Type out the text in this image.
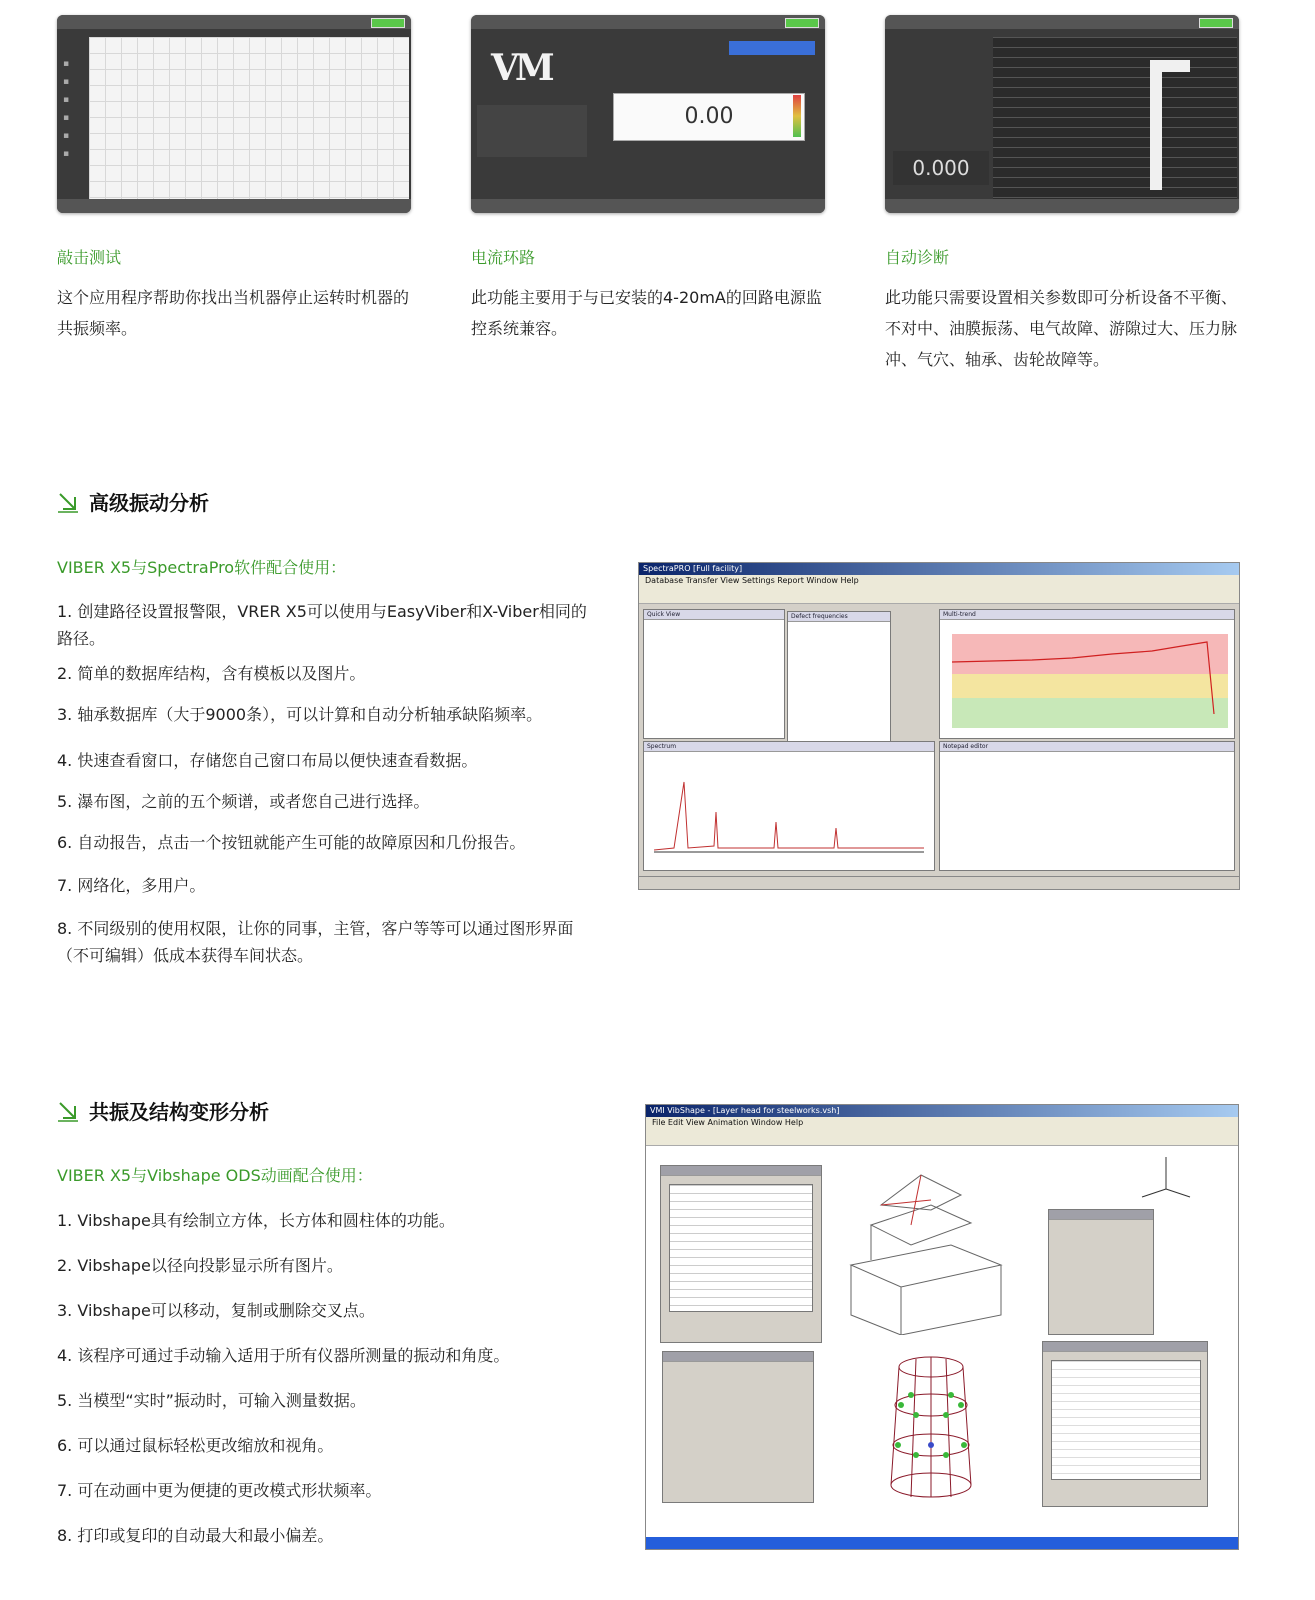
▪
▪
▪
▪
▪
▪
敲击测试
这个应用程序帮助你找出当机器停止运转时机器的共振频率。
VM
0.00
电流环路
此功能主要用于与已安装的4-20mA的回路电源监控系统兼容。
0.000
自动诊断
此功能只需要设置相关参数即可分析设备不平衡、不对中、油膜振荡、电气故障、游隙过大、压力脉冲、气穴、轴承、齿轮故障等。
高级振动分析
VIBER X5与SpectraPro软件配合使用：
1. 创建路径设置报警限，VRER X5可以使用与EasyViber和X-Viber相同的路径。
2. 简单的数据库结构，含有模板以及图片。
3. 轴承数据库（大于9000条），可以计算和自动分析轴承缺陷频率。
4. 快速查看窗口，存储您自己窗口布局以便快速查看数据。
5. 瀑布图，之前的五个频谱，或者您自己进行选择。
6. 自动报告，点击一个按钮就能产生可能的故障原因和几份报告。
7. 网络化，多用户。
8. 不同级别的使用权限，让你的同事，主管，客户等等可以通过图形界面（不可编辑）低成本获得车间状态。
SpectraPRO [Full facility]
Database Transfer View Settings Report Window Help
Quick View	Defect frequencies	Multi-trend
Spectrum	Notepad editor
共振及结构变形分析
VIBER X5与Vibshape ODS动画配合使用：
1. Vibshape具有绘制立方体，长方体和圆柱体的功能。
2. Vibshape以径向投影显示所有图片。
3. Vibshape可以移动，复制或删除交叉点。
4. 该程序可通过手动输入适用于所有仪器所测量的振动和角度。
5. 当模型“实时”振动时，可输入测量数据。
6. 可以通过鼠标轻松更改缩放和视角。
7. 可在动画中更为便捷的更改模式形状频率。
8. 打印或复印的自动最大和最小偏差。
VMI VibShape - [Layer head for steelworks.vsh]
File Edit View Animation Window Help
